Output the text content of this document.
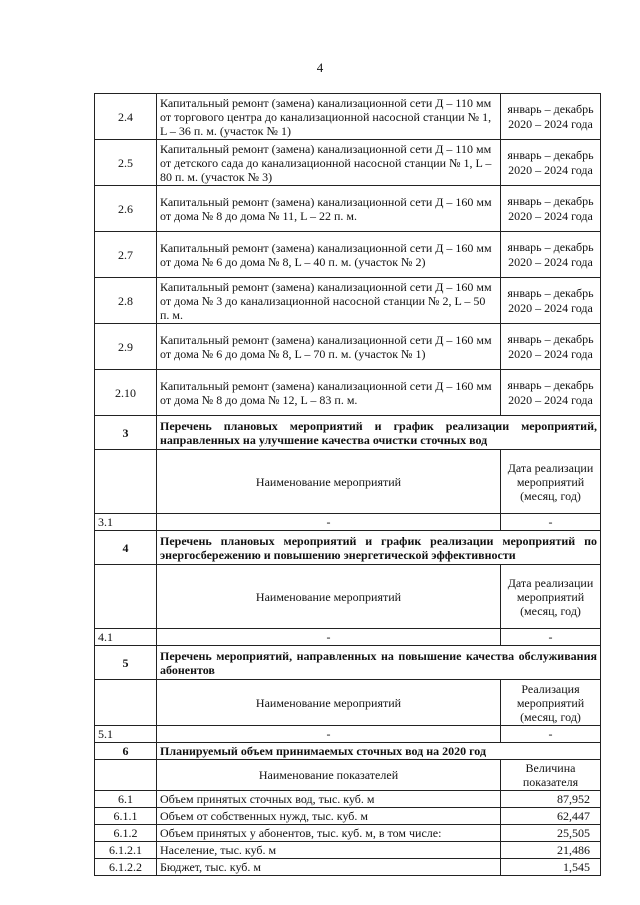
4
2.4	Капитальный ремонт (замена) канализационной сети Д – 110 мм от торгового центра до канализационной насосной станции № 1, L – 36 п. м. (участок № 1)	январь – декабрь 2020 – 2024 года
2.5	Капитальный ремонт (замена) канализационной сети Д – 110 мм от детского сада до канализационной насосной станции № 1, L – 80 п. м. (участок № 3)	январь – декабрь 2020 – 2024 года
2.6	Капитальный ремонт (замена) канализационной сети Д – 160 мм от дома № 8 до дома № 11, L – 22 п. м.	январь – декабрь 2020 – 2024 года
2.7	Капитальный ремонт (замена) канализационной сети Д – 160 мм от дома № 6 до дома № 8, L – 40 п. м. (участок № 2)	январь – декабрь 2020 – 2024 года
2.8	Капитальный ремонт (замена) канализационной сети Д – 160 мм от дома № 3 до канализационной насосной станции № 2, L – 50 п. м.	январь – декабрь 2020 – 2024 года
2.9	Капитальный ремонт (замена) канализационной сети Д – 160 мм от дома № 6 до дома № 8, L – 70 п. м. (участок № 1)	январь – декабрь 2020 – 2024 года
2.10	Капитальный ремонт (замена) канализационной сети Д – 160 мм от дома № 8 до дома № 12, L – 83 п. м.	январь – декабрь 2020 – 2024 года
3	Перечень плановых мероприятий и график реализации мероприятий, направленных на улучшение качества очистки сточных вод	
	Наименование мероприятий	Дата реализации мероприятий (месяц, год)
3.1	-	-
4	Перечень плановых мероприятий и график реализации мероприятий по энергосбережению и повышению энергетической эффективности	
	Наименование мероприятий	Дата реализации мероприятий (месяц, год)
4.1	-	-
5	Перечень мероприятий, направленных на повышение качества обслуживания абонентов	
	Наименование мероприятий	Реализация мероприятий (месяц, год)
5.1	-	-
6	Планируемый объем принимаемых сточных вод на 2020 год	
	Наименование показателей	Величина показателя
6.1	Объем принятых сточных вод, тыс. куб. м	87,952
6.1.1	Объем от собственных нужд, тыс. куб. м	62,447
6.1.2	Объем принятых у абонентов, тыс. куб. м, в том числе:	25,505
6.1.2.1	Население, тыс. куб. м	21,486
6.1.2.2	Бюджет, тыс. куб. м	1,545
